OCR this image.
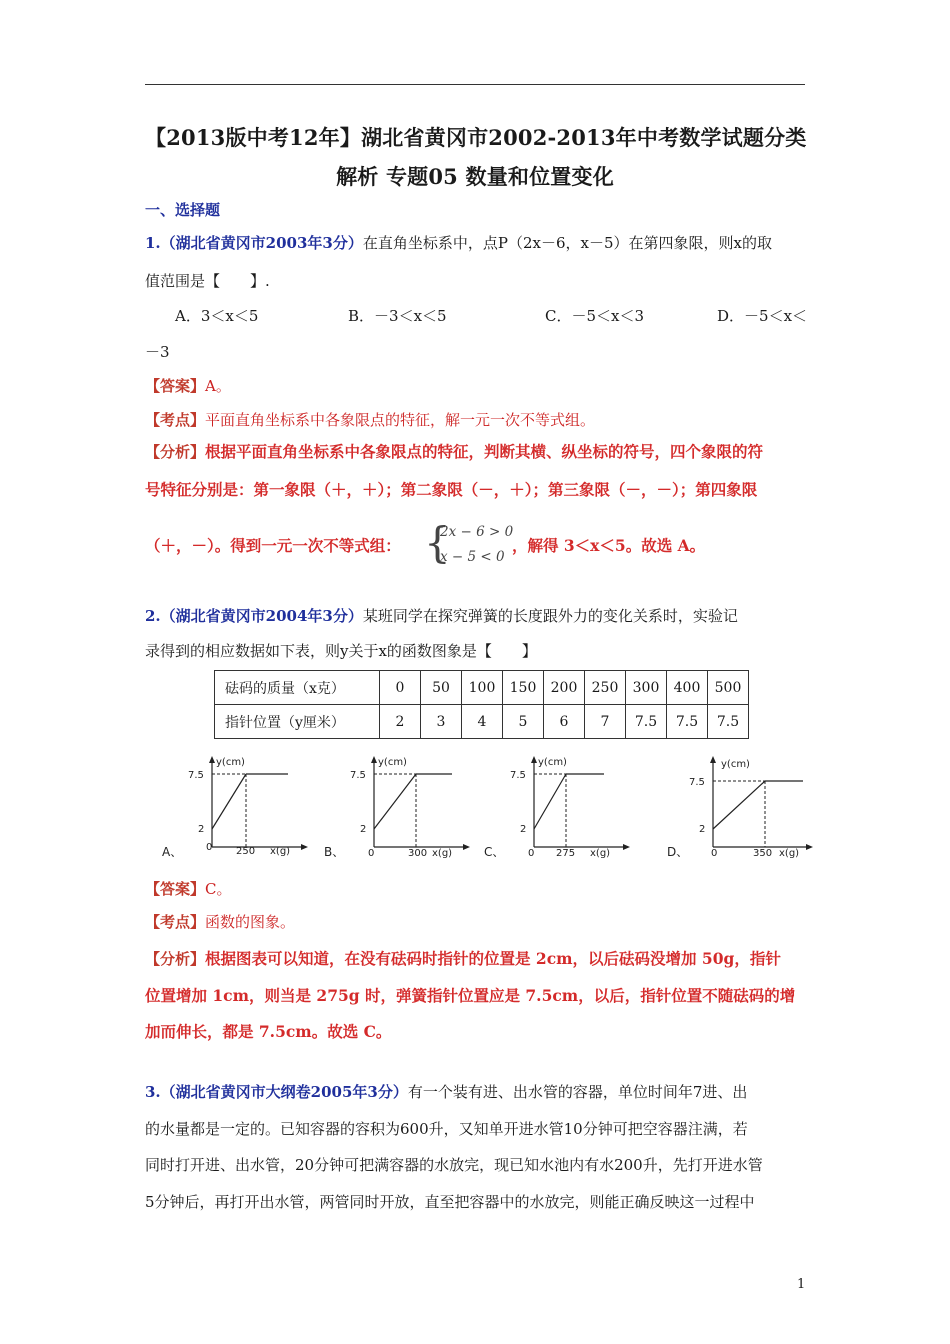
【2013版中考12年】湖北省黄冈市2002-2013年中考数学试题分类
解析 专题05 数量和位置变化
一、选择题
1.（湖北省黄冈市2003年3分）在直角坐标系中，点P（2x－6，x－5）在第四象限，则x的取
值范围是【　　】.
A．3＜x＜5	B．－3＜x＜5	C．－5＜x＜3	D．－5＜x＜
－3
【答案】A。
【考点】平面直角坐标系中各象限点的特征，解一元一次不等式组。
【分析】根据平面直角坐标系中各象限点的特征，判断其横、纵坐标的符号，四个象限的符
号特征分别是：第一象限（＋，＋）；第二象限（－，＋）；第三象限（－，－）；第四象限
（＋，－）。得到一元一次不等式组： {
2x − 6 > 0
x − 5 < 0
，解得 3＜x＜5。故选 A。
2.（湖北省黄冈市2004年3分）某班同学在探究弹簧的长度跟外力的变化关系时，实验记
录得到的相应数据如下表，则y关于x的函数图象是【　　】
砝码的质量（x克）	0	50	100	150	200	250	300	400	500
指针位置（y厘米）	2	3	4	5	6	7	7.5	7.5	7.5
y(cm)
7.5
2
0 250 x(g)
A、
y(cm)
7.5
2
0	300 x(g)
B、
y(cm)
7.5
2
0 275 x(g)
C、
y(cm)
7.5
2
0	350 x(g)
D、
【答案】C。
【考点】函数的图象。
【分析】根据图表可以知道，在没有砝码时指针的位置是 2cm，以后砝码没增加 50g，指针
位置增加 1cm，则当是 275g 时，弹簧指针位置应是 7.5cm，以后，指针位置不随砝码的增
加而伸长，都是 7.5cm。故选 C。
3.（湖北省黄冈市大纲卷2005年3分）有一个装有进、出水管的容器，单位时间年7进、出
的水量都是一定的。已知容器的容积为600升，又知单开进水管10分钟可把空容器注满，若
同时打开进、出水管，20分钟可把满容器的水放完，现已知水池内有水200升，先打开进水管
5分钟后，再打开出水管，两管同时开放，直至把容器中的水放完，则能正确反映这一过程中
1
